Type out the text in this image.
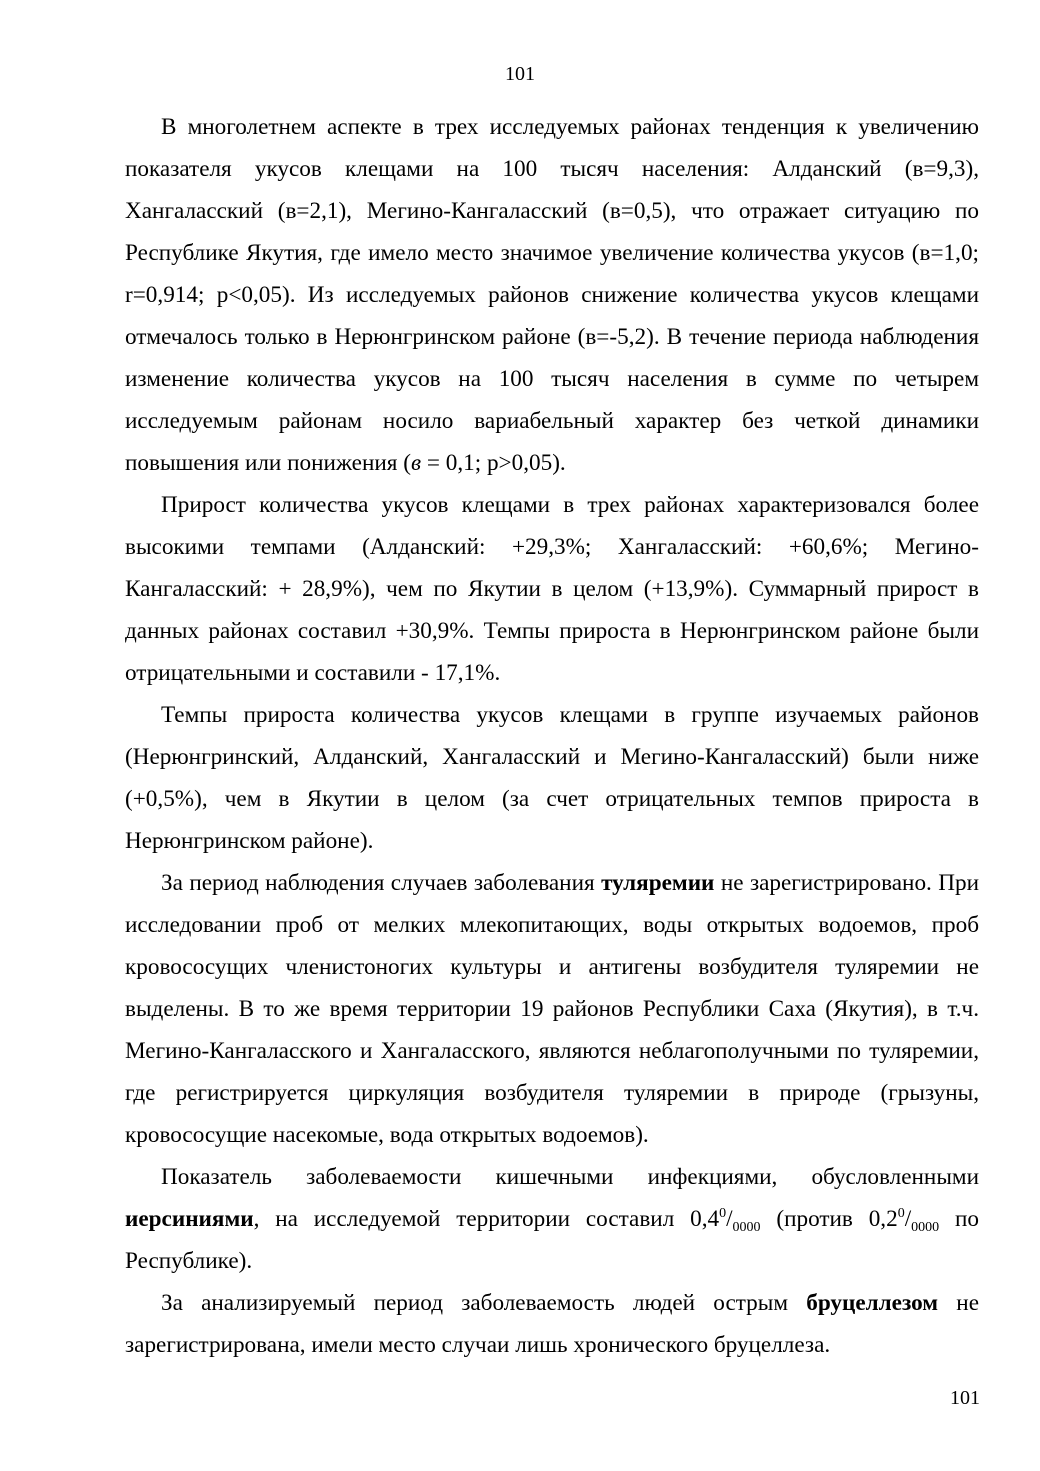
101

В многолетнем аспекте в трех исследуемых районах тенденция к увеличению показателя укусов клещами на 100 тысяч населения: Алданский (в=9,3), Хангаласский (в=2,1), Мегино-Кангаласский (в=0,5), что отражает ситуацию по Республике Якутия, где имело место значимое увеличение количества укусов (в=1,0; r=0,914; p<0,05). Из исследуемых районов снижение количества укусов клещами отмечалось только в Нерюнгринском районе (в=-5,2). В течение периода наблюдения изменение количества укусов на 100 тысяч населения в сумме по четырем исследуемым районам носило вариабельный характер без четкой динамики повышения или понижения (в = 0,1; p>0,05).

Прирост количества укусов клещами в трех районах характеризовался более высокими темпами (Алданский: +29,3%; Хангаласский: +60,6%; Мегино-Кангаласский: + 28,9%), чем по Якутии в целом (+13,9%). Суммарный прирост в данных районах составил +30,9%. Темпы прироста в Нерюнгринском районе были отрицательными и составили - 17,1%.

Темпы прироста количества укусов клещами в группе изучаемых районов (Нерюнгринский, Алданский, Хангаласский и Мегино-Кангаласский) были ниже (+0,5%), чем в Якутии в целом (за счет отрицательных темпов прироста в Нерюнгринском районе).

За период наблюдения случаев заболевания туляремии не зарегистрировано. При исследовании проб от мелких млекопитающих, воды открытых водоемов, проб кровососущих членистоногих культуры и антигены возбудителя туляремии не выделены. В то же время территории 19 районов Республики Саха (Якутия), в т.ч. Мегино-Кангаласского и Хангаласского, являются неблагополучными по туляремии, где регистрируется циркуляция возбудителя туляремии в природе (грызуны, кровососущие насекомые, вода открытых водоемов).

Показатель заболеваемости кишечными инфекциями, обусловленными иерсиниями, на исследуемой территории составил $0,4^0/_{0000}$ (против $0,2^0/_{0000}$ по Республике).

За анализируемый период заболеваемость людей острым бруцеллезом не зарегистрирована, имели место случаи лишь хронического бруцеллеза.

101
